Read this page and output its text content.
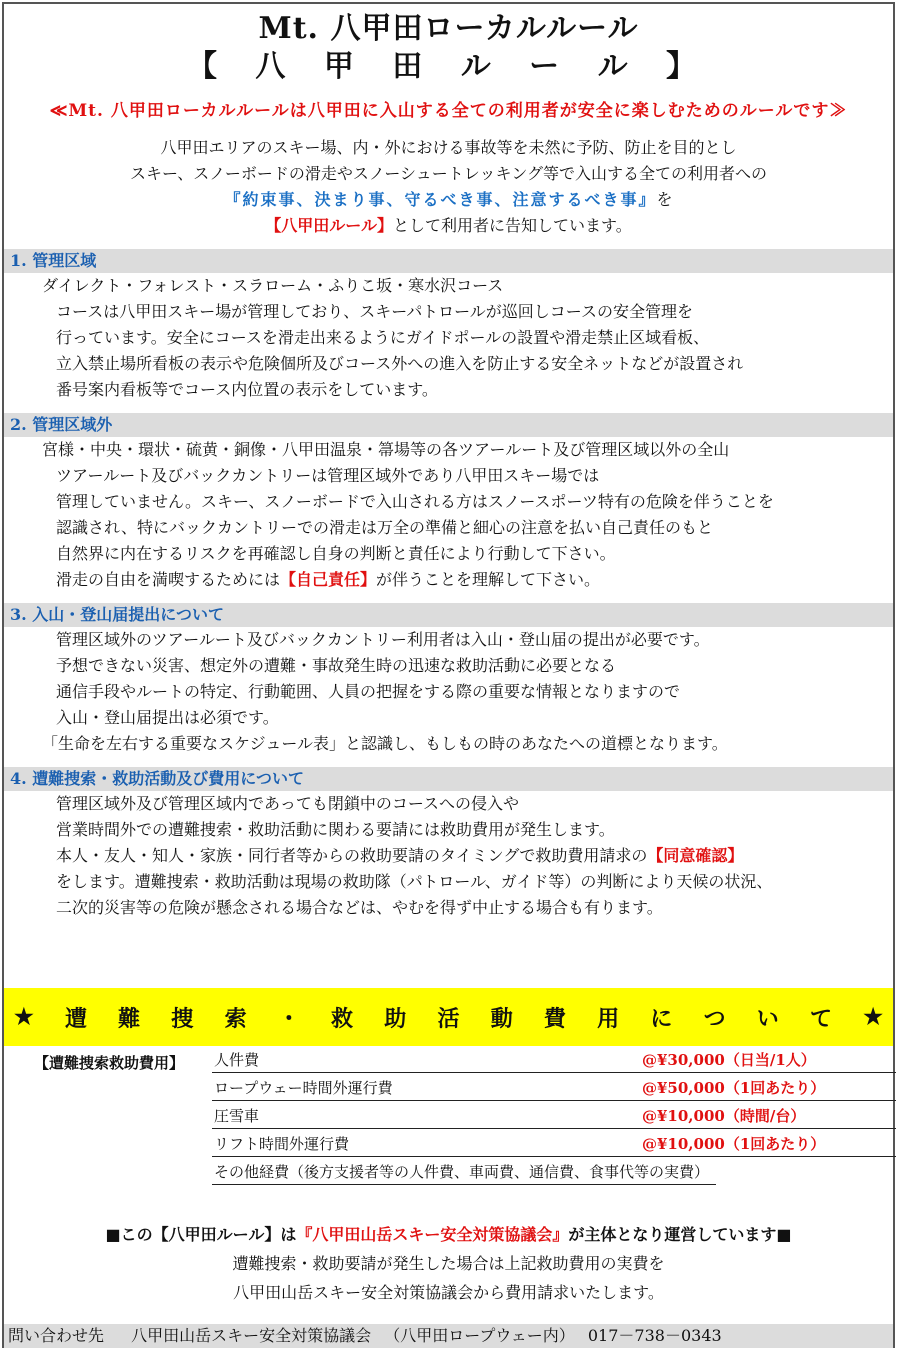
Mt. 八甲田ローカルルール
【 八 甲 田 ル ー ル 】
≪Mt. 八甲田ローカルルールは八甲田に入山する全ての利用者が安全に楽しむためのルールです≫
八甲田エリアのスキー場、内・外における事故等を未然に予防、防止を目的とし
スキー、スノーボードの滑走やスノーシュートレッキング等で入山する全ての利用者への
『約束事、決まり事、守るべき事、注意するべき事』を
【八甲田ルール】として利用者に告知しています。
1. 管理区域
ダイレクト・フォレスト・スラローム・ふりこ坂・寒水沢コース
コースは八甲田スキー場が管理しており、スキーパトロールが巡回しコースの安全管理を
行っています。安全にコースを滑走出来るようにガイドポールの設置や滑走禁止区域看板、
立入禁止場所看板の表示や危険個所及びコース外への進入を防止する安全ネットなどが設置され
番号案内看板等でコース内位置の表示をしています。
2. 管理区域外
宮様・中央・環状・硫黄・銅像・八甲田温泉・箒場等の各ツアールート及び管理区域以外の全山
ツアールート及びバックカントリーは管理区域外であり八甲田スキー場では
管理していません。スキー、スノーボードで入山される方はスノースポーツ特有の危険を伴うことを
認識され、特にバックカントリーでの滑走は万全の準備と細心の注意を払い自己責任のもと
自然界に内在するリスクを再確認し自身の判断と責任により行動して下さい。
滑走の自由を満喫するためには【自己責任】が伴うことを理解して下さい。
3. 入山・登山届提出について
管理区域外のツアールート及びバックカントリー利用者は入山・登山届の提出が必要です。
予想できない災害、想定外の遭難・事故発生時の迅速な救助活動に必要となる
通信手段やルートの特定、行動範囲、人員の把握をする際の重要な情報となりますので
入山・登山届提出は必須です。
「生命を左右する重要なスケジュール表」と認識し、もしもの時のあなたへの道標となります。
4. 遭難捜索・救助活動及び費用について
管理区域外及び管理区域内であっても閉鎖中のコースへの侵入や
営業時間外での遭難捜索・救助活動に関わる要請には救助費用が発生します。
本人・友人・知人・家族・同行者等からの救助要請のタイミングで救助費用請求の【同意確認】
をします。遭難捜索・救助活動は現場の救助隊（パトロール、ガイド等）の判断により天候の状況、
二次的災害等の危険が懸念される場合などは、やむを得ず中止する場合も有ります。
★ 遭 難 捜 索 ・ 救 助 活 動 費 用 に つ い て ★
【遭難捜索救助費用】 人件費	@¥30,000（日当/1人）
ロープウェー時間外運行費	@¥50,000（1回あたり）
圧雪車	@¥10,000（時間/台）
リフト時間外運行費	@¥10,000（1回あたり）
その他経費（後方支援者等の人件費、車両費、通信費、食事代等の実費）
■この【八甲田ルール】は『八甲田山岳スキー安全対策協議会』が主体となり運営しています■
遭難捜索・救助要請が発生した場合は上記救助費用の実費を
八甲田山岳スキー安全対策協議会から費用請求いたします。
問い合わせ先 八甲田山岳スキー安全対策協議会 （八甲田ロープウェー内） 017－738－0343
